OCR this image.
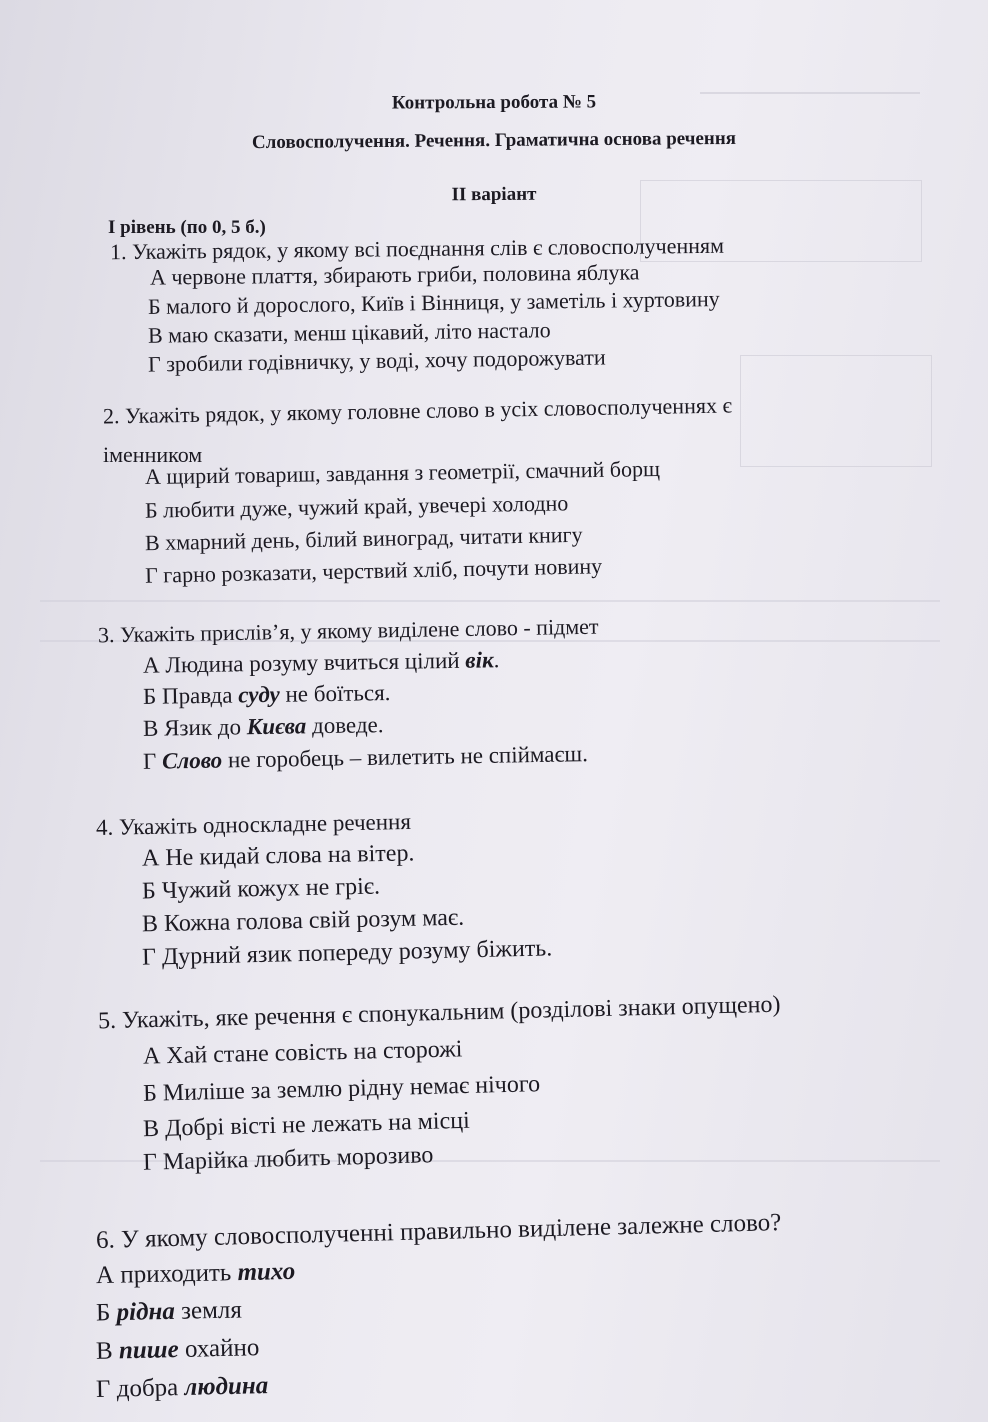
Контрольна робота № 5
Словосполучення. Речення. Граматична основа речення
ІІ варіант
І рівень (по 0, 5 б.)
1. Укажіть рядок, у якому всі поєднання слів є словосполученням
А червоне плаття, збирають гриби, половина яблука
Б малого й дорослого, Київ і Вінниця, у заметіль і хуртовину
В маю сказати, менш цікавий, літо настало
Г зробили годівничку, у воді, хочу подорожувати
2. Укажіть рядок, у якому головне слово в усіх словосполученнях є
іменником
А щирий товариш, завдання з геометрії, смачний борщ
Б любити дуже, чужий край, увечері холодно
В хмарний день, білий виноград, читати книгу
Г гарно розказати, черствий хліб, почути новину
3. Укажіть прислів’я, у якому виділене слово - підмет
А Людина розуму вчиться цілий вік.
Б Правда суду не боїться.
В Язик до Києва доведе.
Г Слово не горобець – вилетить не спіймаєш.
4. Укажіть односкладне речення
А Не кидай слова на вітер.
Б Чужий кожух не гріє.
В Кожна голова свій розум має.
Г Дурний язик попереду розуму біжить.
5. Укажіть, яке речення є спонукальним (розділові знаки опущено)
А Хай стане совість на сторожі
Б Миліше за землю рідну немає нічого
В Добрі вісті не лежать на місці
Г Марійка любить морозиво
6. У якому словосполученні правильно виділене залежне слово?
А приходить тихо
Б рідна земля
В пише охайно
Г добра людина
